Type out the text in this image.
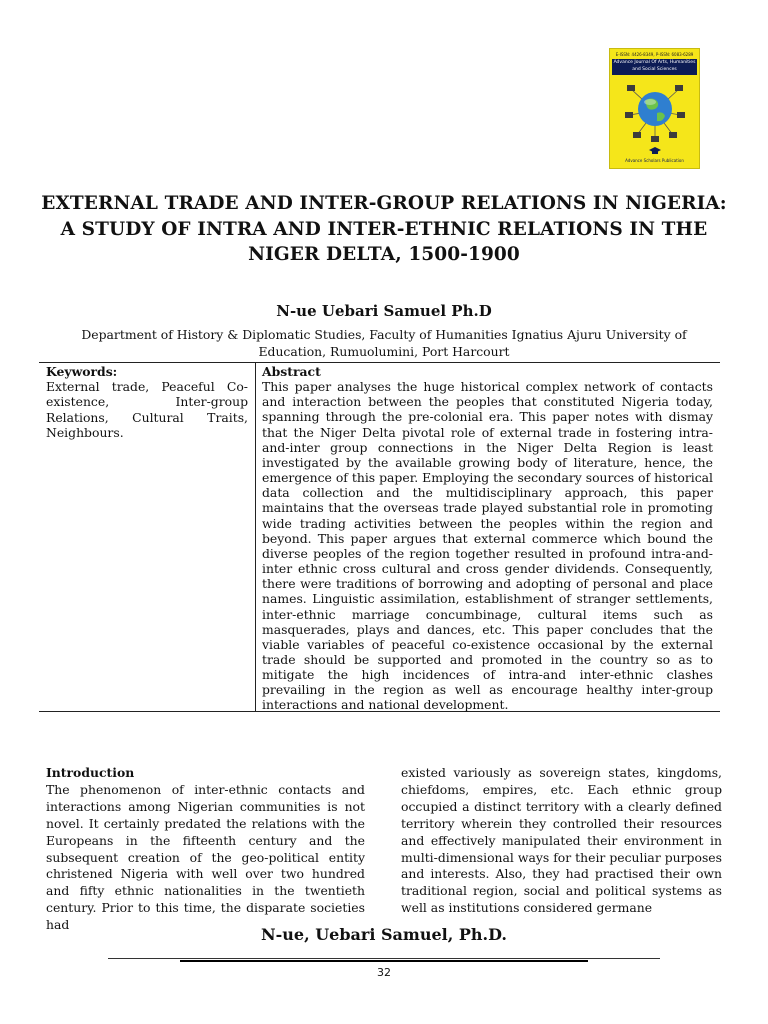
E-ISSN: 4426-8349, P-ISSN: 6083-6289
Advance Journal Of Arts, Humanities and Social Sciences
Advance Scholars Publication
EXTERNAL TRADE AND INTER-GROUP RELATIONS IN NIGERIA: A STUDY OF INTRA AND INTER-ETHNIC RELATIONS IN THE NIGER DELTA, 1500-1900

N-ue Uebari Samuel Ph.D

Department of History & Diplomatic Studies, Faculty of Humanities Ignatius Ajuru University of Education, Rumuolumini, Port Harcourt

Keywords:

External trade, Peaceful Co-existence, Inter-group Relations, Cultural Traits, Neighbours.

Abstract

This paper analyses the huge historical complex network of contacts and interaction between the peoples that constituted Nigeria today, spanning through the pre-colonial era. This paper notes with dismay that the Niger Delta pivotal role of external trade in fostering intra-and-inter group connections in the Niger Delta Region is least investigated by the available growing body of literature, hence, the emergence of this paper. Employing the secondary sources of historical data collection and the multidisciplinary approach, this paper maintains that the overseas trade played substantial role in promoting wide trading activities between the peoples within the region and beyond. This paper argues that external commerce which bound the diverse peoples of the region together resulted in profound intra-and-inter ethnic cross cultural and cross gender dividends. Consequently, there were traditions of borrowing and adopting of personal and place names. Linguistic assimilation, establishment of stranger settlements, inter-ethnic marriage concumbinage, cultural items such as masquerades, plays and dances, etc. This paper concludes that the viable variables of peaceful co-existence occasional by the external trade should be supported and promoted in the country so as to mitigate the high incidences of intra-and inter-ethnic clashes prevailing in the region as well as encourage healthy inter-group interactions and national development.

Introduction

The phenomenon of inter-ethnic contacts and interactions among Nigerian communities is not novel. It certainly predated the relations with the Europeans in the fifteenth century and the subsequent creation of the geo-political entity christened Nigeria with well over two hundred and fifty ethnic nationalities in the twentieth century. Prior to this time, the disparate societies had

existed variously as sovereign states, kingdoms, chiefdoms, empires, etc. Each ethnic group occupied a distinct territory with a clearly defined territory wherein they controlled their resources and effectively manipulated their environment in multi-dimensional ways for their peculiar purposes and interests. Also, they had practised their own traditional region, social and political systems as well as institutions considered germane

N-ue, Uebari Samuel, Ph.D.

32
